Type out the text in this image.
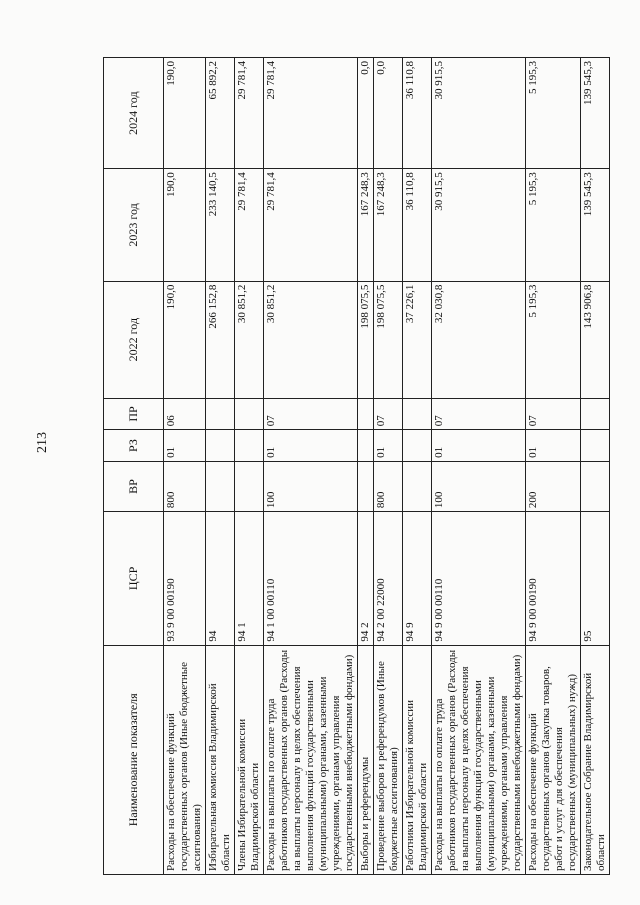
213
Наименование показателя	ЦСР	ВР	РЗ	ПР	2022 год	2023 год	2024 год
Расходы на обеспечение функций государственных органов (Иные бюджетные ассигнования)	93 9 00 00190	800	01	06	190,0	190,0	190,0
Избирательная комиссия Владимирской области	94				266 152,8	233 140,5	65 892,2
Члены Избирательной комиссии Владимирской области	94 1				30 851,2	29 781,4	29 781,4
Расходы на выплаты по оплате труда работников государственных органов (Расходы на выплаты персоналу в целях обеспечения выполнения функций государственными (муниципальными) органами, казенными учреждениями, органами управления государственными внебюджетными фондами)	94 1 00 00110	100	01	07	30 851,2	29 781,4	29 781,4
Выборы и референдумы	94 2				198 075,5	167 248,3	0,0
Проведение выборов и референдумов (Иные бюджетные ассигнования)	94 2 00 22000	800	01	07	198 075,5	167 248,3	0,0
Работники Избирательной комиссии Владимирской области	94 9				37 226,1	36 110,8	36 110,8
Расходы на выплаты по оплате труда работников государственных органов (Расходы на выплаты персоналу в целях обеспечения выполнения функций государственными (муниципальными) органами, казенными учреждениями, органами управления государственными внебюджетными фондами)	94 9 00 00110	100	01	07	32 030,8	30 915,5	30 915,5
Расходы на обеспечение функций государственных органов (Закупка товаров, работ и услуг для обеспечения государственных (муниципальных) нужд)	94 9 00 00190	200	01	07	5 195,3	5 195,3	5 195,3
Законодательное Собрание Владимирской области	95				143 906,8	139 545,3	139 545,3
